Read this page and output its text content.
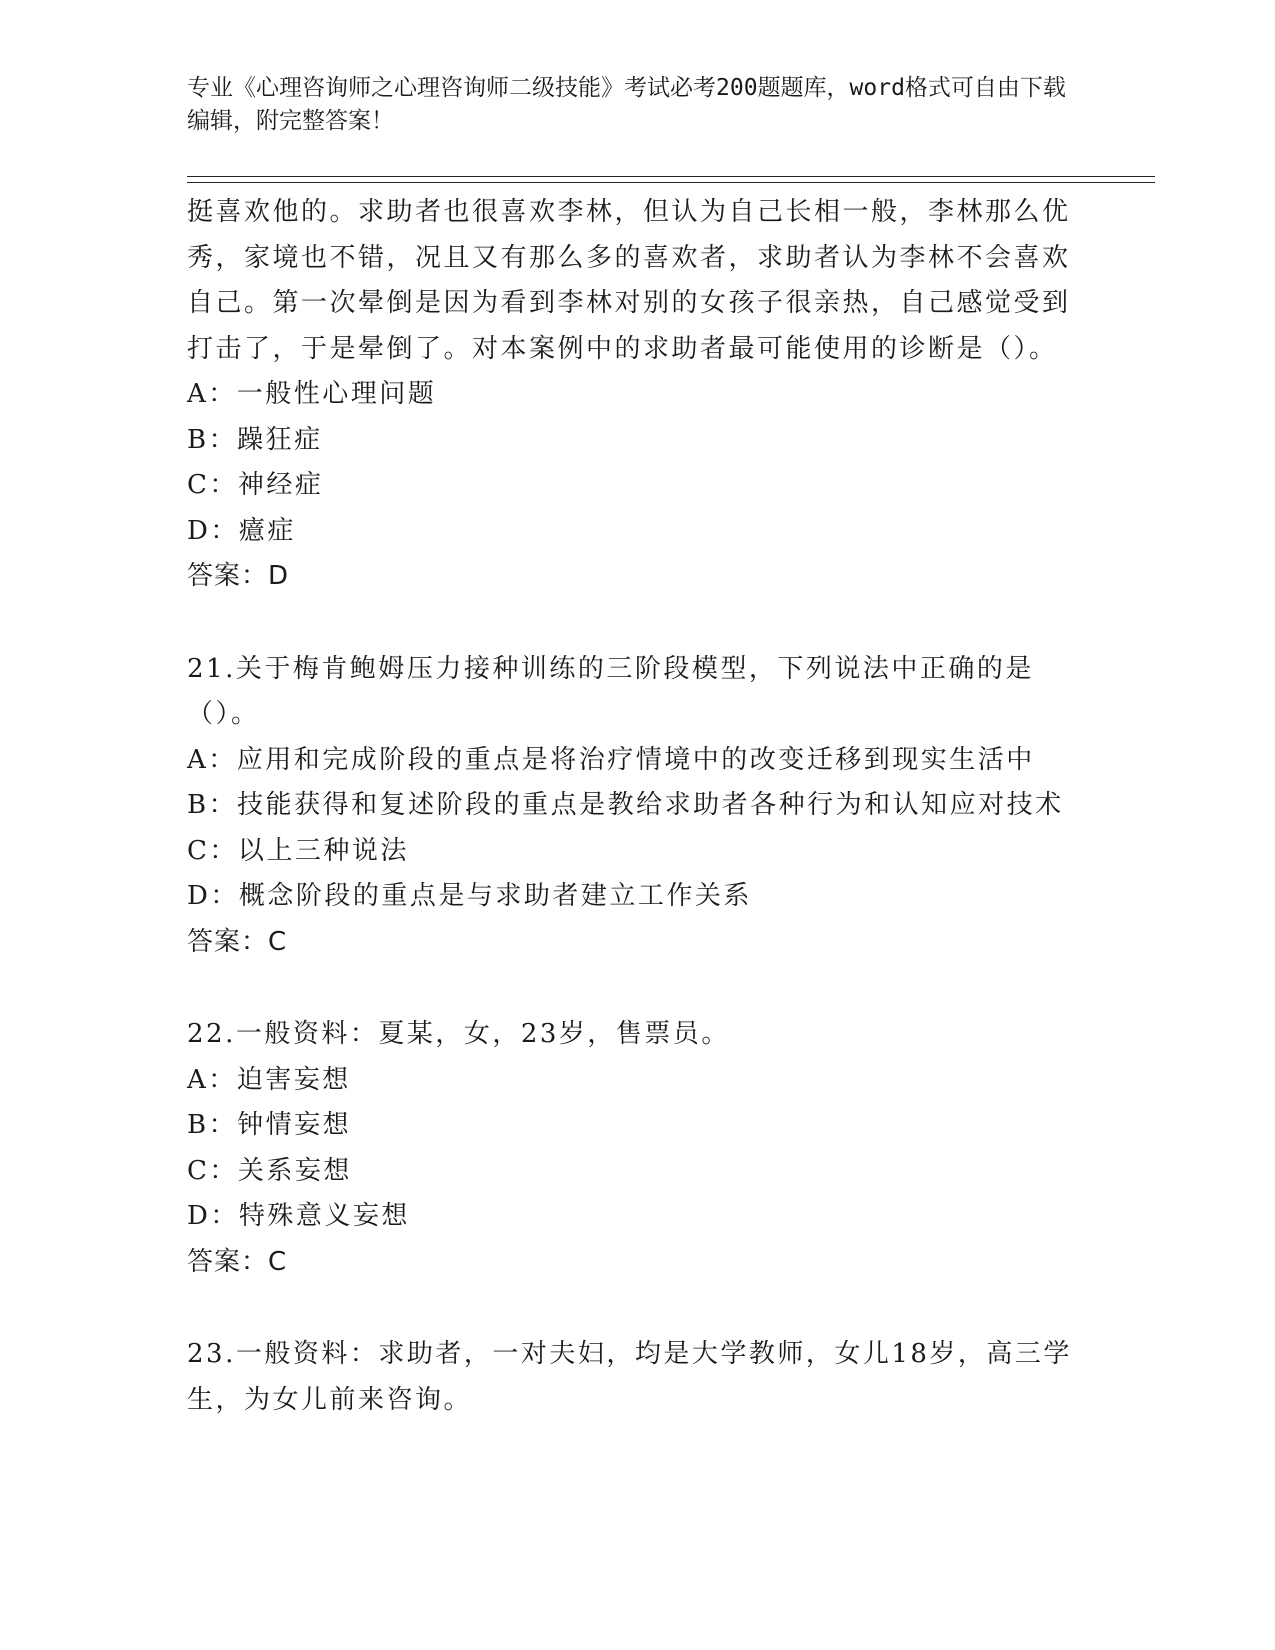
专业《心理咨询师之心理咨询师二级技能》考试必考200题题库，word格式可自由下载编辑，附完整答案！

挺喜欢他的。求助者也很喜欢李林，但认为自己长相一般，李林那么优秀，家境也不错，况且又有那么多的喜欢者，求助者认为李林不会喜欢自己。第一次晕倒是因为看到李林对别的女孩子很亲热，自己感觉受到打击了，于是晕倒了。对本案例中的求助者最可能使用的诊断是（）。

A：一般性心理问题

B：躁狂症

C：神经症

D：癔症

答案：D

21.关于梅肯鲍姆压力接种训练的三阶段模型，下列说法中正确的是（）。

A：应用和完成阶段的重点是将治疗情境中的改变迁移到现实生活中

B：技能获得和复述阶段的重点是教给求助者各种行为和认知应对技术

C：以上三种说法

D：概念阶段的重点是与求助者建立工作关系

答案：C

22.一般资料：夏某，女，23岁，售票员。

A：迫害妄想

B：钟情妄想

C：关系妄想

D：特殊意义妄想

答案：C

23.一般资料：求助者，一对夫妇，均是大学教师，女儿18岁，高三学生，为女儿前来咨询。
